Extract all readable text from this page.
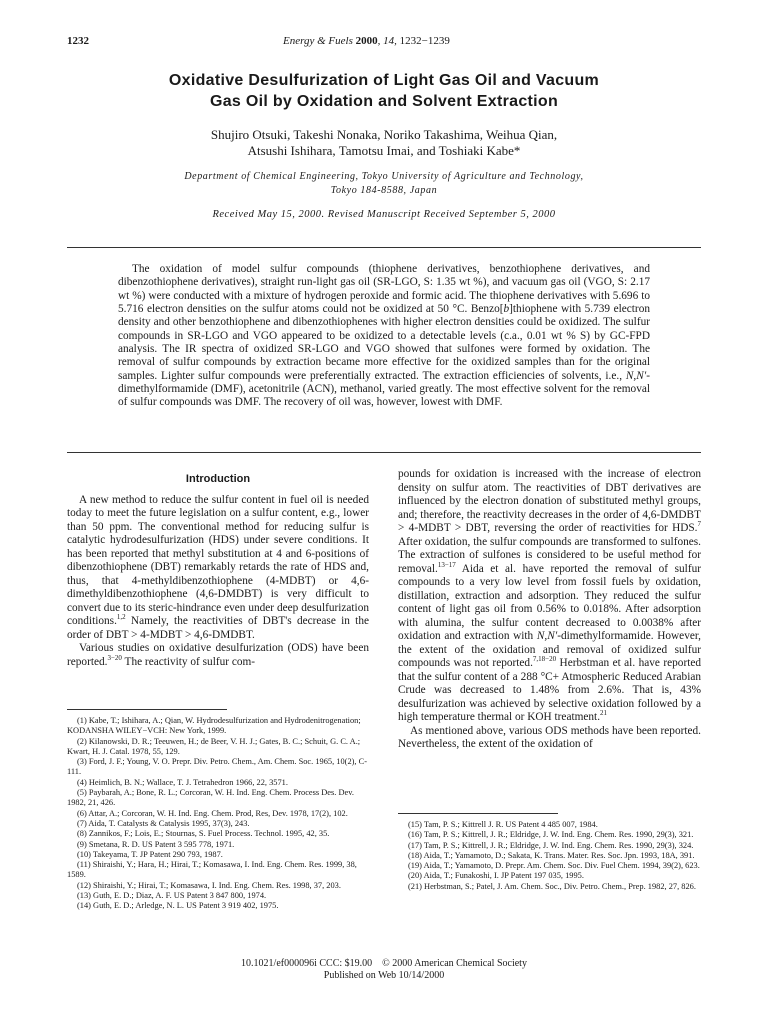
1232	Energy & Fuels 2000, 14, 1232−1239
Oxidative Desulfurization of Light Gas Oil and Vacuum
Gas Oil by Oxidation and Solvent Extraction
Shujiro Otsuki, Takeshi Nonaka, Noriko Takashima, Weihua Qian,
Atsushi Ishihara, Tamotsu Imai, and Toshiaki Kabe*
Department of Chemical Engineering, Tokyo University of Agriculture and Technology,
Tokyo 184-8588, Japan
Received May 15, 2000. Revised Manuscript Received September 5, 2000
The oxidation of model sulfur compounds (thiophene derivatives, benzothiophene derivatives, and dibenzothiophene derivatives), straight run-light gas oil (SR-LGO, S: 1.35 wt %), and vacuum gas oil (VGO, S: 2.17 wt %) were conducted with a mixture of hydrogen peroxide and formic acid. The thiophene derivatives with 5.696 to 5.716 electron densities on the sulfur atoms could not be oxidized at 50 °C. Benzo[b]thiophene with 5.739 electron density and other benzothiophene and dibenzothiophenes with higher electron densities could be oxidized. The sulfur compounds in SR-LGO and VGO appeared to be oxidized to a detectable levels (c.a., 0.01 wt % S) by GC-FPD analysis. The IR spectra of oxidized SR-LGO and VGO showed that sulfones were formed by oxidation. The removal of sulfur compounds by extraction became more effective for the oxidized samples than for the original samples. Lighter sulfur compounds were preferentially extracted. The extraction efficiencies of solvents, i.e., N,N′-dimethylformamide (DMF), acetonitrile (ACN), methanol, varied greatly. The most effective solvent for the removal of sulfur compounds was DMF. The recovery of oil was, however, lowest with DMF.
Introduction

A new method to reduce the sulfur content in fuel oil is needed today to meet the future legislation on a sulfur content, e.g., lower than 50 ppm. The conventional method for reducing sulfur is catalytic hydrodesulfurization (HDS) under severe conditions. It has been reported that methyl substitution at 4 and 6-positions of dibenzothiophene (DBT) remarkably retards the rate of HDS and, thus, that 4-methyldibenzothiophene (4-MDBT) or 4,6-dimethyldibenzothiophene (4,6-DMDBT) is very difficult to convert due to its steric-hindrance even under deep desulfurization conditions.$^{1,2}$ Namely, the reactivities of DBT's decrease in the order of DBT > 4-MDBT > 4,6-DMDBT.

Various studies on oxidative desulfurization (ODS) have been reported.$^{3-20}$ The reactivity of sulfur com-

pounds for oxidation is increased with the increase of electron density on sulfur atom. The reactivities of DBT derivatives are influenced by the electron donation of substituted methyl groups, and; therefore, the reactivity decreases in the order of 4,6-DMDBT > 4-MDBT > DBT, reversing the order of reactivities for HDS.$^7$ After oxidation, the sulfur compounds are transformed to sulfones. The extraction of sulfones is considered to be useful method for removal.$^{13-17}$ Aida et al. have reported the removal of sulfur compounds to a very low level from fossil fuels by oxidation, distillation, extraction and adsorption. They reduced the sulfur content of light gas oil from 0.56% to 0.018%. After adsorption with alumina, the sulfur content decreased to 0.0038% after oxidation and extraction with N,N′-dimethylformamide. However, the extent of the oxidation and removal of oxidized sulfur compounds was not reported.$^{7,18-20}$ Herbstman et al. have reported that the sulfur content of a 288 °C+ Atmospheric Reduced Arabian Crude was decreased to 1.48% from 2.6%. That is, 43% desulfurization was achieved by selective oxidation followed by a high temperature thermal or KOH treatment.$^{21}$

As mentioned above, various ODS methods have been reported. Nevertheless, the extent of the oxidation of

(1) Kabe, T.; Ishihara, A.; Qian, W. Hydrodesulfurization and Hydrodenitrogenation; KODANSHA WILEY−VCH: New York, 1999.

(2) Kilanowski, D. R.; Teeuwen, H.; de Beer, V. H. J.; Gates, B. C.; Schuit, G. C. A.; Kwart, H. J. Catal. 1978, 55, 129.

(3) Ford, J. F.; Young, V. O. Prepr. Div. Petro. Chem., Am. Chem. Soc. 1965, 10(2), C-111.

(4) Heimlich, B. N.; Wallace, T. J. Tetrahedron 1966, 22, 3571.

(5) Paybarah, A.; Bone, R. L.; Corcoran, W. H. Ind. Eng. Chem. Process Des. Dev. 1982, 21, 426.

(6) Attar, A.; Corcoran, W. H. Ind. Eng. Chem. Prod, Res, Dev. 1978, 17(2), 102.

(7) Aida, T. Catalysts & Catalysis 1995, 37(3), 243.

(8) Zannikos, F.; Lois, E.; Stournas, S. Fuel Process. Technol. 1995, 42, 35.

(9) Smetana, R. D. US Patent 3 595 778, 1971.

(10) Takeyama, T. JP Patent 290 793, 1987.

(11) Shiraishi, Y.; Hara, H.; Hirai, T.; Komasawa, I. Ind. Eng. Chem. Res. 1999, 38, 1589.

(12) Shiraishi, Y.; Hirai, T.; Komasawa, I. Ind. Eng. Chem. Res. 1998, 37, 203.

(13) Guth, E. D.; Diaz, A. F. US Patent 3 847 800, 1974.

(14) Guth, E. D.; Arledge, N. L. US Patent 3 919 402, 1975.

(15) Tam, P. S.; Kittrell J. R. US Patent 4 485 007, 1984.

(16) Tam, P. S.; Kittrell, J. R.; Eldridge, J. W. Ind. Eng. Chem. Res. 1990, 29(3), 321.

(17) Tam, P. S.; Kittrell, J. R.; Eldridge, J. W. Ind. Eng. Chem. Res. 1990, 29(3), 324.

(18) Aida, T.; Yamamoto, D.; Sakata, K. Trans. Mater. Res. Soc. Jpn. 1993, 18A, 391.

(19) Aida, T.; Yamamoto, D. Prepr. Am. Chem. Soc. Div. Fuel Chem. 1994, 39(2), 623.

(20) Aida, T.; Funakoshi, I. JP Patent 197 035, 1995.

(21) Herbstman, S.; Patel, J. Am. Chem. Soc., Div. Petro. Chem., Prep. 1982, 27, 826.

10.1021/ef000096i CCC: $19.00    © 2000 American Chemical Society
Published on Web 10/14/2000
